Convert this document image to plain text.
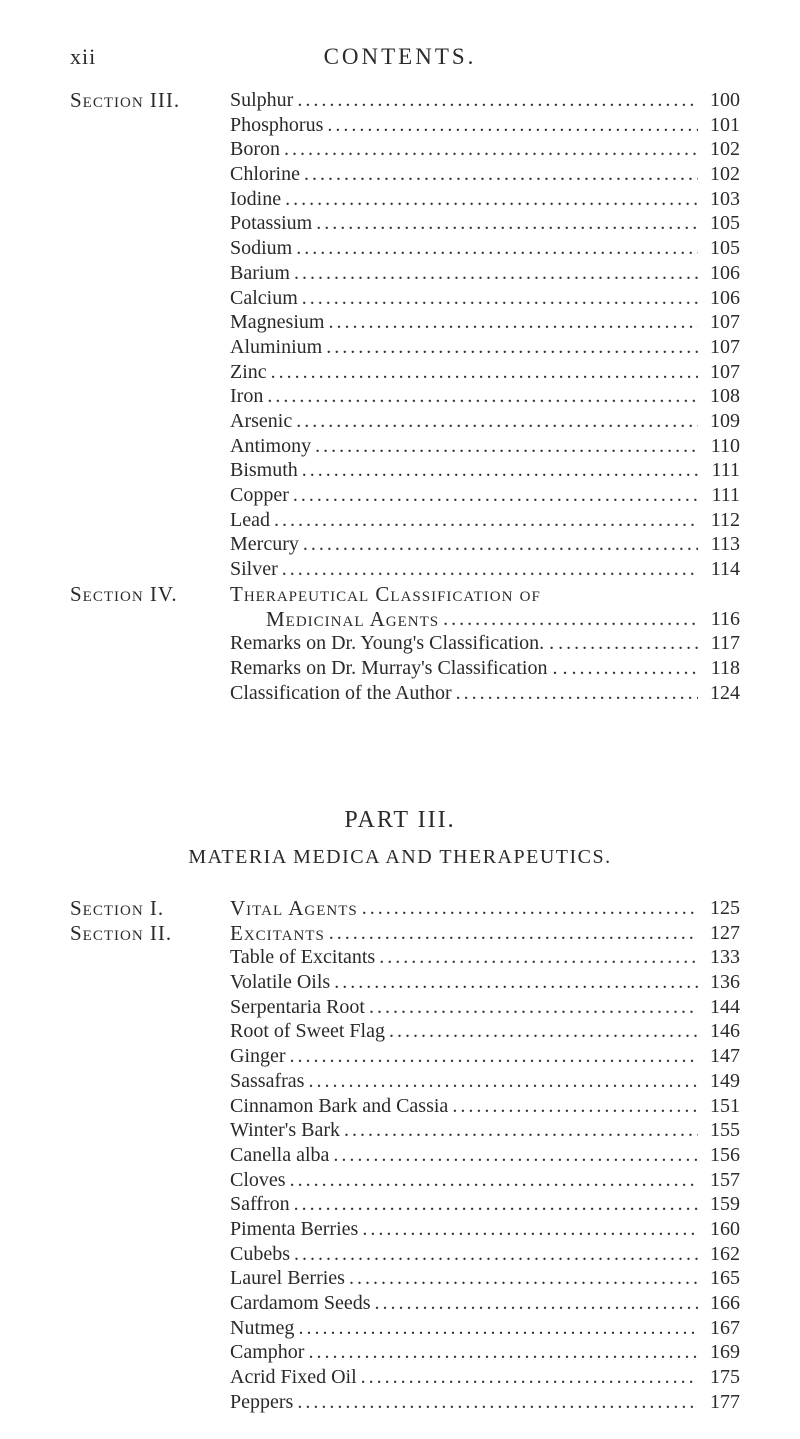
xii	CONTENTS.
Section III.	Sulphur .....	100
Phosphorus .....	101
Boron .....	102
Chlorine .....	102
Iodine .....	103
Potassium .....	105
Sodium .....	105
Barium .....	106
Calcium .....	106
Magnesium .....	107
Aluminium .....	107
Zinc .....	107
Iron .....	108
Arsenic .....	109
Antimony .....	110
Bismuth .....	111
Copper .....	111
Lead .....	112
Mercury .....	113
Silver .....	114
Section IV.	Therapeutical Classification of
Medicinal Agents .....	116
Remarks on Dr. Young's Classification. . .....	117
Remarks on Dr. Murray's Classification . . .....	118
Classification of the Author .....	124
PART III.
MATERIA MEDICA AND THERAPEUTICS.
Section I.	Vital Agents .....	125
Section II.	Excitants .....	127
Table of Excitants .....	133
Volatile Oils .....	136
Serpentaria Root .....	144
Root of Sweet Flag .....	146
Ginger .....	147
Sassafras .....	149
Cinnamon Bark and Cassia .....	151
Winter's Bark .....	155
Canella alba .....	156
Cloves .....	157
Saffron .....	159
Pimenta Berries .....	160
Cubebs .....	162
Laurel Berries .....	165
Cardamom Seeds .....	166
Nutmeg .....	167
Camphor .....	169
Acrid Fixed Oil .....	175
Peppers .....	177
